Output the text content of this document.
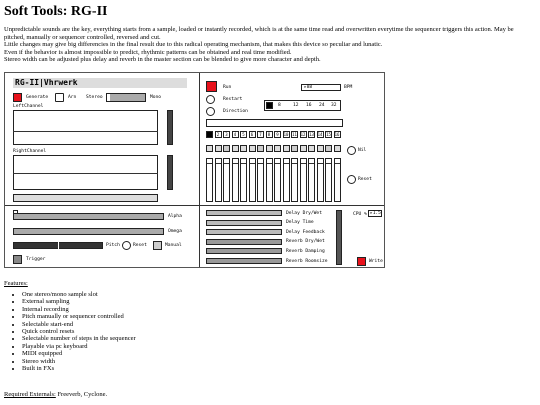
Soft Tools: RG-II

Unpredictable sounds are the key, everything starts from a sample, loaded or instantly recorded, which is at the same time read and overwritten everytime the sequencer triggers this action. May be pitched, manually or sequencer controlled, reversed and cut.

Little changes may give big differencies in the final result due to this radical operating mechanism, that makes this device so peculiar and lunatic.

Even if the behavior is almost impossible to predict, rhythmic patterns can be obtained and real time modified.

Stereo width can be adjusted plus delay and reverb in the master section can be blended to give more character and depth.

RG-II|Vhrwerk
Generate	Arn Stereo	Mono
LeftChannel
RightChannel
Run	▸88	BPM
Restart
Direction
8	12 16 24 32
2	3	4	5	6	7	8	9	10 11 12 13 14 15 16
Nil
Reset
Alpha
Omega
Pitch	Reset	Manual
Trigger
Delay Dry/Wet
Delay Time
Delay Feedback
Reverb Dry/Wet
Reverb Damping
Reverb Roomsize
CPU % ▸1.5
Write
Features:
• One stereo/mono sample slot
• External sampling
• Internal recording
• Pitch manually or sequencer controlled
• Selectable start-end
• Quick control resets
• Selectable number of steps in the sequencer
• Playable via pc keyboard
• MIDI equipped
• Stereo width
• Built in FXs
Required Externals: Freeverb, Cyclone.
